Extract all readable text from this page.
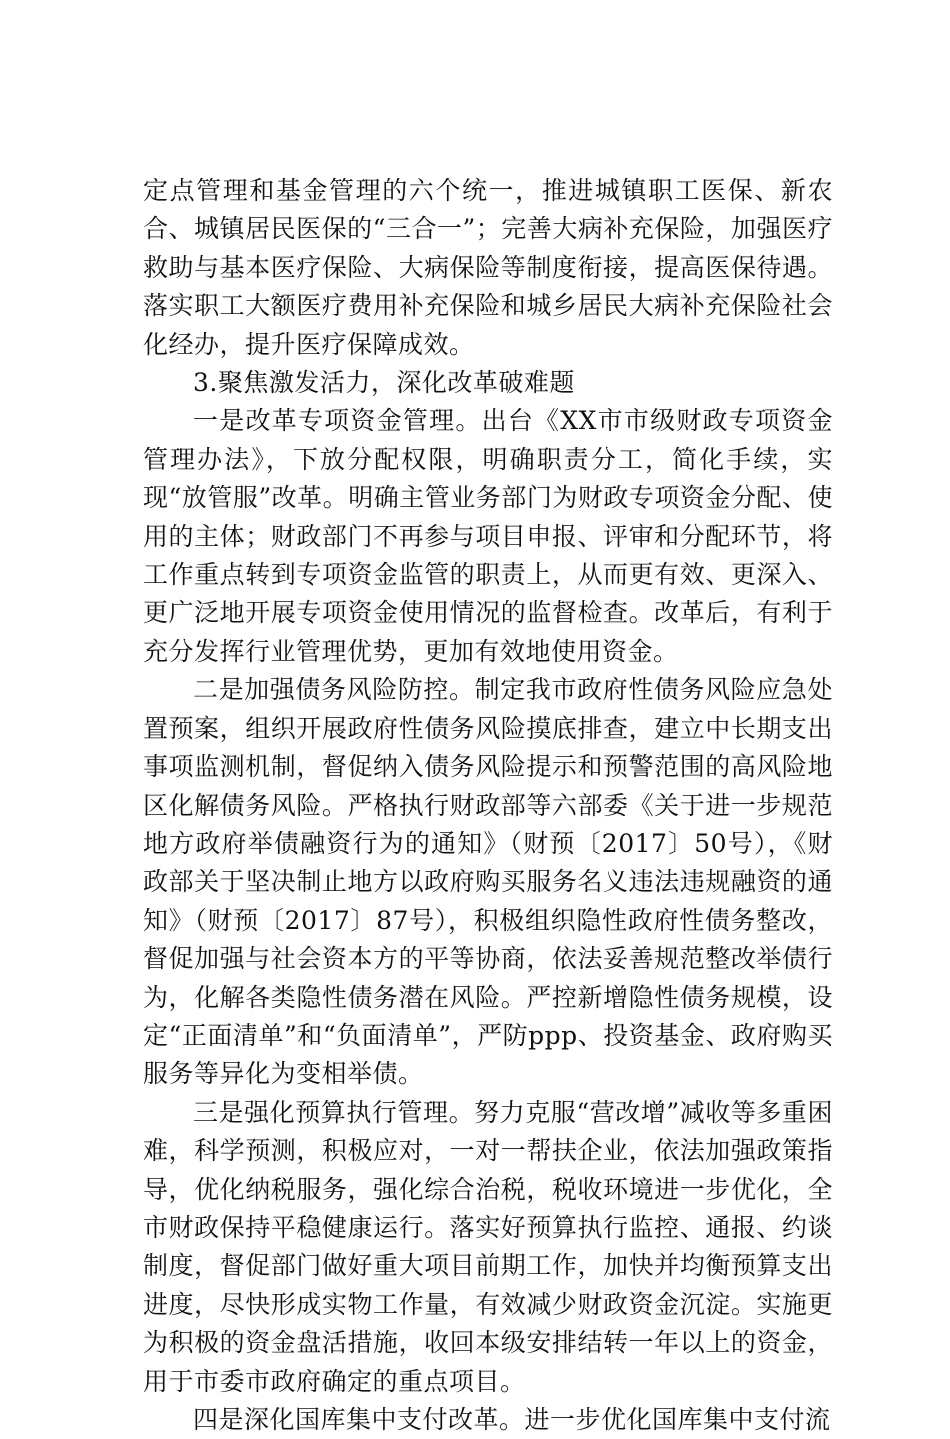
定点管理和基金管理的六个统一，推进城镇职工医保、新农合、城镇居民医保的“三合一”；完善大病补充保险，加强医疗救助与基本医疗保险、大病保险等制度衔接，提高医保待遇。落实职工大额医疗费用补充保险和城乡居民大病补充保险社会化经办，提升医疗保障成效。

3.聚焦激发活力，深化改革破难题

一是改革专项资金管理。出台《XX市市级财政专项资金管理办法》，下放分配权限，明确职责分工，简化手续，实现“放管服”改革。明确主管业务部门为财政专项资金分配、使用的主体；财政部门不再参与项目申报、评审和分配环节，将工作重点转到专项资金监管的职责上，从而更有效、更深入、更广泛地开展专项资金使用情况的监督检查。改革后，有利于充分发挥行业管理优势，更加有效地使用资金。

二是加强债务风险防控。制定我市政府性债务风险应急处置预案，组织开展政府性债务风险摸底排查，建立中长期支出事项监测机制，督促纳入债务风险提示和预警范围的高风险地区化解债务风险。严格执行财政部等六部委《关于进一步规范地方政府举债融资行为的通知》（财预〔2017〕50号），《财政部关于坚决制止地方以政府购买服务名义违法违规融资的通知》（财预〔2017〕87号），积极组织隐性政府性债务整改，督促加强与社会资本方的平等协商，依法妥善规范整改举债行为，化解各类隐性债务潜在风险。严控新增隐性债务规模，设定“正面清单”和“负面清单”，严防ppp、投资基金、政府购买服务等异化为变相举债。

三是强化预算执行管理。努力克服“营改增”减收等多重困难，科学预测，积极应对，一对一帮扶企业，依法加强政策指导，优化纳税服务，强化综合治税，税收环境进一步优化，全市财政保持平稳健康运行。落实好预算执行监控、通报、约谈制度，督促部门做好重大项目前期工作，加快并均衡预算支出进度，尽快形成实物工作量，有效减少财政资金沉淀。实施更为积极的资金盘活措施，收回本级安排结转一年以上的资金，用于市委市政府确定的重点项目。

四是深化国库集中支付改革。进一步优化国库集中支付流
